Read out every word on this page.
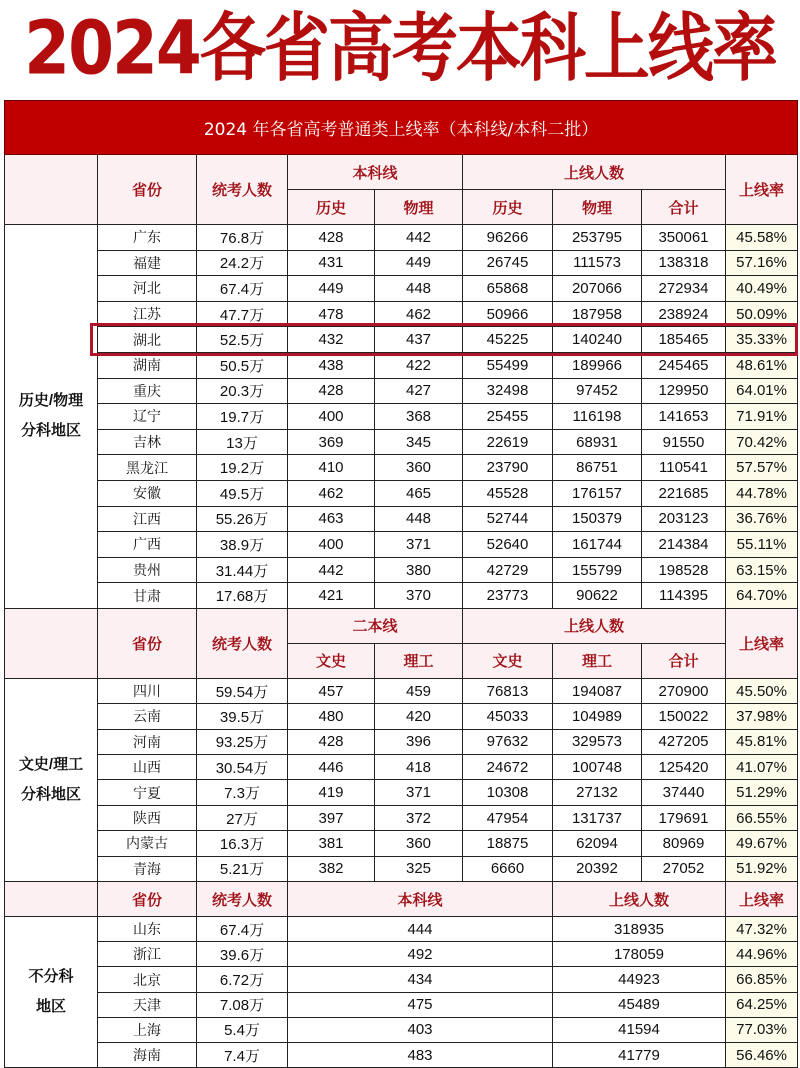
2024各省高考本科上线率
2024 年各省高考普通类上线率（本科线/本科二批）								
	省份	统考人数	本科线		上线人数			上线率
			历史	物理	历史	物理	合计	

历史/物理
分科地区	广东	76.8万	428	442	96266	253795	350061	45.58%
	福建	24.2万	431	449	26745	111573	138318	57.16%
	河北	67.4万	449	448	65868	207066	272934	40.49%
	江苏	47.7万	478	462	50966	187958	238924	50.09%
	湖北	52.5万	432	437	45225	140240	185465	35.33%
	湖南	50.5万	438	422	55499	189966	245465	48.61%
	重庆	20.3万	428	427	32498	97452	129950	64.01%
	辽宁	19.7万	400	368	25455	116198	141653	71.91%
	吉林	13万	369	345	22619	68931	91550	70.42%
	黑龙江	19.2万	410	360	23790	86751	110541	57.57%
	安徽	49.5万	462	465	45528	176157	221685	44.78%
	江西	55.26万	463	448	52744	150379	203123	36.76%
	广西	38.9万	400	371	52640	161744	214384	55.11%
	贵州	31.44万	442	380	42729	155799	198528	63.15%
	甘肃	17.68万	421	370	23773	90622	114395	64.70%
	省份	统考人数	二本线		上线人数			上线率
			文史	理工	文史	理工	合计	

文史/理工
分科地区	四川	59.54万	457	459	76813	194087	270900	45.50%
	云南	39.5万	480	420	45033	104989	150022	37.98%
	河南	93.25万	428	396	97632	329573	427205	45.81%
	山西	30.54万	446	418	24672	100748	125420	41.07%
	宁夏	7.3万	419	371	10308	27132	37440	51.29%
	陕西	27万	397	372	47954	131737	179691	66.55%
	内蒙古	16.3万	381	360	18875	62094	80969	49.67%
	青海	5.21万	382	325	6660	20392	27052	51.92%
	省份	统考人数	本科线			上线人数		上线率

不分科
地区	山东	67.4万	444			318935		47.32%
	浙江	39.6万	492			178059		44.96%
	北京	6.72万	434			44923		66.85%
	天津	7.08万	475			45489		64.25%
	上海	5.4万	403			41594		77.03%
	海南	7.4万	483			41779		56.46%
